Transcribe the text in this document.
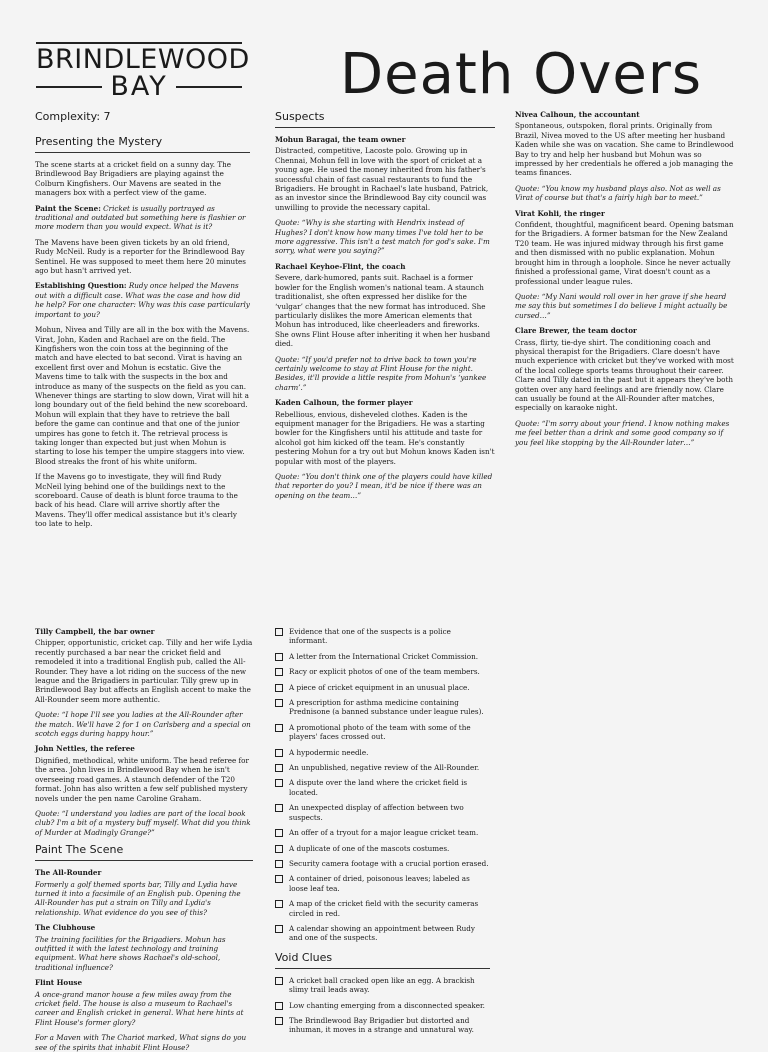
BRINDLEWOOD
BAY	Death Overs
Complexity: 7
Presenting the Mystery

The scene starts at a cricket field on a sunny day. The Brindlewood Bay Brigadiers are playing against the Colburn Kingfishers. Our Mavens are seated in the managers box with a perfect view of the game.

Paint the Scene: Cricket is usually portrayed as traditional and outdated but something here is flashier or more modern than you would expect. What is it?

The Mavens have been given tickets by an old friend, Rudy McNeil. Rudy is a reporter for the Brindlewood Bay Sentinel. He was supposed to meet them here 20 minutes ago but hasn't arrived yet.

Establishing Question: Rudy once helped the Mavens out with a difficult case. What was the case and how did he help? For one character: Why was this case particularly important to you?

Mohun, Nivea and Tilly are all in the box with the Mavens. Virat, John, Kaden and Rachael are on the field. The Kingfishers won the coin toss at the beginning of the match and have elected to bat second. Virat is having an excellent first over and Mohun is ecstatic. Give the Mavens time to talk with the suspects in the box and introduce as many of the suspects on the field as you can. Whenever things are starting to slow down, Virat will hit a long boundary out of the field behind the new scoreboard. Mohun will explain that they have to retrieve the ball before the game can continue and that one of the junior umpires has gone to fetch it. The retrieval process is taking longer than expected but just when Mohun is starting to lose his temper the umpire staggers into view. Blood streaks the front of his white uniform.

If the Mavens go to investigate, they will find Rudy McNeil lying behind one of the buildings next to the scoreboard. Cause of death is blunt force trauma to the back of his head. Clare will arrive shortly after the Mavens. They'll offer medical assistance but it's clearly too late to help.

Suspects

Mohun Baragai, the team owner

Distracted, competitive, Lacoste polo. Growing up in Chennai, Mohun fell in love with the sport of cricket at a young age. He used the money inherited from his father's successful chain of fast casual restaurants to fund the Brigadiers. He brought in Rachael's late husband, Patrick, as an investor since the Brindlewood Bay city council was unwilling to provide the necessary capital.

Quote: “Why is she starting with Hendrix instead of Hughes? I don't know how many times I've told her to be more aggressive. This isn't a test match for god's sake. I'm sorry, what were you saying?”

Rachael Keyhoe-Flint, the coach

Severe, dark-humored, pants suit. Rachael is a former bowler for the English women's national team. A staunch traditionalist, she often expressed her dislike for the ‘vulgar’ changes that the new format has introduced. She particularly dislikes the more American elements that Mohun has introduced, like cheerleaders and fireworks. She owns Flint House after inheriting it when her husband died.

Quote: “If you'd prefer not to drive back to town you're certainly welcome to stay at Flint House for the night. Besides, it'll provide a little respite from Mohun's ‘yankee charm’.”

Kaden Calhoun, the former player

Rebellious, envious, disheveled clothes. Kaden is the equipment manager for the Brigadiers. He was a starting bowler for the Kingfishers until his attitude and taste for alcohol got him kicked off the team. He's constantly pestering Mohun for a try out but Mohun knows Kaden isn't popular with most of the players.

Quote: “You don't think one of the players could have killed that reporter do you? I mean, it'd be nice if there was an opening on the team…”

Nivea Calhoun, the accountant

Spontaneous, outspoken, floral prints. Originally from Brazil, Nivea moved to the US after meeting her husband Kaden while she was on vacation. She came to Brindlewood Bay to try and help her husband but Mohun was so impressed by her credentials he offered a job managing the teams finances.

Quote: “You know my husband plays also. Not as well as Virat of course but that's a fairly high bar to meet.”

Virat Kohli, the ringer

Confident, thoughtful, magnificent beard. Opening batsman for the Brigadiers. A former batsman for the New Zealand T20 team. He was injured midway through his first game and then dismissed with no public explanation. Mohun brought him in through a loophole. Since he never actually finished a professional game, Virat doesn't count as a professional under league rules.

Quote: “My Nani would roll over in her grave if she heard me say this but sometimes I do believe I might actually be cursed…”

Clare Brewer, the team doctor

Crass, flirty, tie-dye shirt. The conditioning coach and physical therapist for the Brigadiers. Clare doesn't have much experience with cricket but they've worked with most of the local college sports teams throughout their career. Clare and Tilly dated in the past but it appears they've both gotten over any hard feelings and are friendly now. Clare can usually be found at the All-Rounder after matches, especially on karaoke night.

Quote: “I'm sorry about your friend. I know nothing makes me feel better than a drink and some good company so if you feel like stopping by the All-Rounder later…”

Tilly Campbell, the bar owner

Chipper, opportunistic, cricket cap. Tilly and her wife Lydia recently purchased a bar near the cricket field and remodeled it into a traditional English pub, called the All-Rounder. They have a lot riding on the success of the new league and the Brigadiers in particular. Tilly grew up in Brindlewood Bay but affects an English accent to make the All-Rounder seem more authentic.

Quote: “I hope I'll see you ladies at the All-Rounder after the match. We'll have 2 for 1 on Carlsberg and a special on scotch eggs during happy hour.”

John Nettles, the referee

Dignified, methodical, white uniform. The head referee for the area. John lives in Brindlewood Bay when he isn't overseeing road games. A staunch defender of the T20 format. John has also written a few self published mystery novels under the pen name Caroline Graham.

Quote: “I understand you ladies are part of the local book club? I'm a bit of a mystery buff myself. What did you think of Murder at Madingly Grange?”

Paint The Scene

The All-Rounder

Formerly a golf themed sports bar, Tilly and Lydia have turned it into a facsimile of an English pub. Opening the All-Rounder has put a strain on Tilly and Lydia's relationship. What evidence do you see of this?

The Clubhouse

The training facilities for the Brigadiers. Mohun has outfitted it with the latest technology and training equipment. What here shows Rachael's old-school, traditional influence?

Flint House

A once-grand manor house a few miles away from the cricket field. The house is also a museum to Rachael's career and English cricket in general. What here hints at Flint House's former glory?

For a Maven with The Chariot marked, What signs do you see of the spirits that inhabit Flint House?

Evidence that one of the suspects is a police informant.
A letter from the International Cricket Commission.
Racy or explicit photos of one of the team members.
A piece of cricket equipment in an unusual place.
A prescription for asthma medicine containing Prednisone (a banned substance under league rules).
A promotional photo of the team with some of the players' faces crossed out.
A hypodermic needle.
An unpublished, negative review of the All-Rounder.
A dispute over the land where the cricket field is located.
An unexpected display of affection between two suspects.
An offer of a tryout for a major league cricket team.
A duplicate of one of the mascots costumes.
Security camera footage with a crucial portion erased.
A container of dried, poisonous leaves; labeled as loose leaf tea.
A map of the cricket field with the security cameras circled in red.
A calendar showing an appointment between Rudy and one of the suspects.
Void Clues
A cricket ball cracked open like an egg. A brackish slimy trail leads away.
Low chanting emerging from a disconnected speaker.
The Brindlewood Bay Brigadier but distorted and inhuman, it moves in a strange and unnatural way.
